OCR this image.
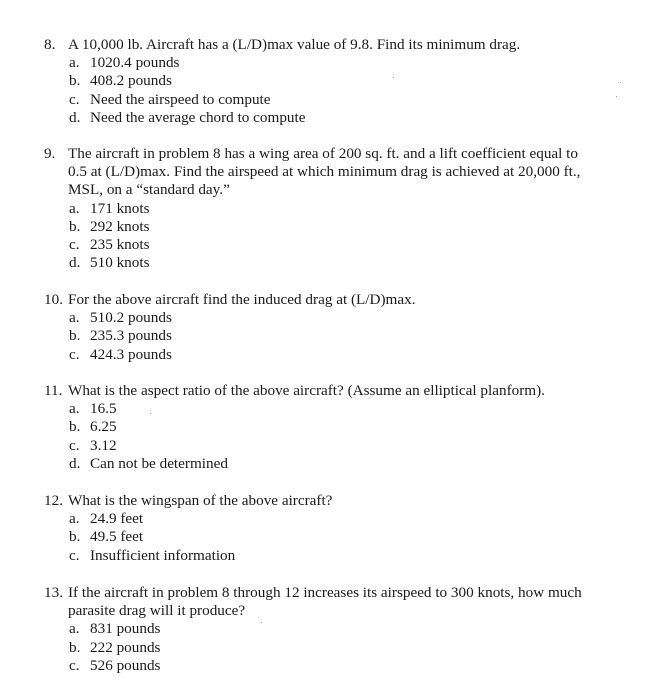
8. A 10,000 lb. Aircraft has a (L/D)max value of 9.8. Find its minimum drag.
a. 1020.4 pounds
b. 408.2 pounds
c. Need the airspeed to compute
d. Need the average chord to compute
9. The aircraft in problem 8 has a wing area of 200 sq. ft. and a lift coefficient equal to
0.5 at (L/D)max. Find the airspeed at which minimum drag is achieved at 20,000 ft.,
MSL, on a “standard day.”
a. 171 knots
b. 292 knots
c. 235 knots
d. 510 knots
10. For the above aircraft find the induced drag at (L/D)max.
a. 510.2 pounds
b. 235.3 pounds
c. 424.3 pounds
11. What is the aspect ratio of the above aircraft? (Assume an elliptical planform).
a. 16.5
b. 6.25
c. 3.12
d. Can not be determined
12. What is the wingspan of the above aircraft?
a. 24.9 feet
b. 49.5 feet
c. Insufficient information
13. If the aircraft in problem 8 through 12 increases its airspeed to 300 knots, how much
parasite drag will it produce?
a. 831 pounds
b. 222 pounds
c. 526 pounds
